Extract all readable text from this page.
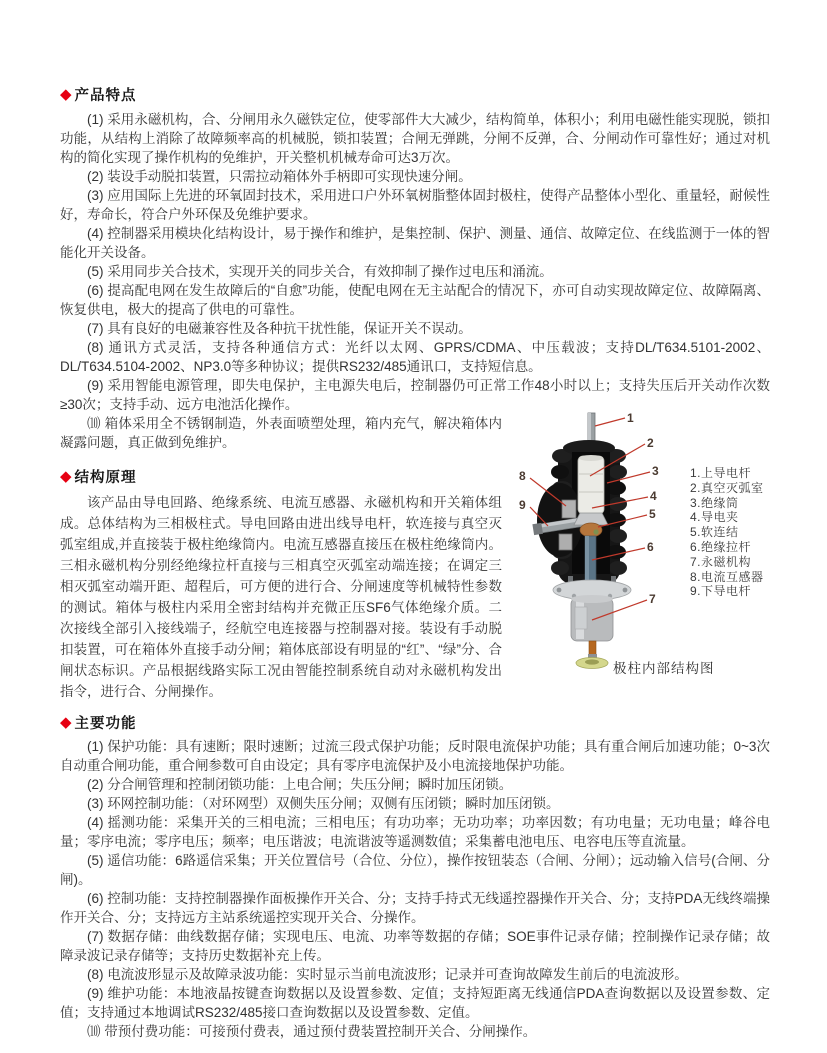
◆ 产品特点

(1) 采用永磁机构，合、分闸用永久磁铁定位，使零部件大大减少，结构简单，体积小；利用电磁性能实现脱，锁扣功能，从结构上消除了故障频率高的机械脱，锁扣装置；合闸无弹跳，分闸不反弹，合、分闸动作可靠性好；通过对机构的简化实现了操作机构的免维护，开关整机机械寿命可达3万次。

(2) 装设手动脱扣装置，只需拉动箱体外手柄即可实现快速分闸。

(3) 应用国际上先进的环氧固封技术，采用进口户外环氧树脂整体固封极柱，使得产品整体小型化、重量轻，耐候性好，寿命长，符合户外环保及免维护要求。

(4) 控制器采用模块化结构设计，易于操作和维护，是集控制、保护、测量、通信、故障定位、在线监测于一体的智能化开关设备。

(5) 采用同步关合技术，实现开关的同步关合，有效抑制了操作过电压和涌流。

(6) 提高配电网在发生故障后的“自愈”功能，使配电网在无主站配合的情况下，亦可自动实现故障定位、故障隔离、恢复供电，极大的提高了供电的可靠性。

(7) 具有良好的电磁兼容性及各种抗干扰性能，保证开关不误动。

(8) 通讯方式灵活，支持各种通信方式：光纤以太网、GPRS/CDMA、中压载波；支持DL/T634.5101-2002、DL/T634.5104-2002、NP3.0等多种协议；提供RS232/485通讯口，支持短信息。

(9) 采用智能电源管理，即失电保护，主电源失电后，控制器仍可正常工作48小时以上；支持失压后开关动作次数≥30次；支持手动、远方电池活化操作。

1
2
3
4
5
6
7
8
9
1.上导电杆
2.真空灭弧室
3.绝缘筒
4.导电夹
5.软连结
6.绝缘拉杆
7.永磁机构
8.电流互感器
9.下导电杆
极柱内部结构图

⑽ 箱体采用全不锈钢制造，外表面喷塑处理，箱内充气，解决箱体内凝露问题，真正做到免维护。

◆ 结构原理

该产品由导电回路、绝缘系统、电流互感器、永磁机构和开关箱体组成。总体结构为三相极柱式。导电回路由进出线导电杆，软连接与真空灭弧室组成,并直接装于极柱绝缘筒内。电流互感器直接压在极柱绝缘筒内。三相永磁机构分别经绝缘拉杆直接与三相真空灭弧室动端连接；在调定三相灭弧室动端开距、超程后，可方便的进行合、分闸速度等机械特性参数的测试。箱体与极柱内采用全密封结构并充微正压SF6气体绝缘介质。二次接线全部引入接线端子，经航空电连接器与控制器对接。装设有手动脱扣装置，可在箱体外直接手动分闸；箱体底部设有明显的“红”、“绿”分、合闸状态标识。产品根据线路实际工况由智能控制系统自动对永磁机构发出指令，进行合、分闸操作。

◆ 主要功能

(1) 保护功能：具有速断；限时速断；过流三段式保护功能；反时限电流保护功能；具有重合闸后加速功能；0~3次自动重合闸功能，重合闸参数可自由设定；具有零序电流保护及小电流接地保护功能。

(2) 分合闸管理和控制闭锁功能：上电合闸；失压分闸；瞬时加压闭锁。

(3) 环网控制功能：（对环网型）双侧失压分闸；双侧有压闭锁；瞬时加压闭锁。

(4) 摇测功能：采集开关的三相电流；三相电压；有功功率；无功功率；功率因数；有功电量；无功电量；峰谷电量；零序电流；零序电压；频率；电压谐波；电流谐波等遥测数值；采集蓄电池电压、电容电压等直流量。

(5) 遥信功能：6路遥信采集；开关位置信号（合位、分位），操作按钮装态（合闸、分闸）；远动输入信号(合闸、分闸)。

(6) 控制功能：支持控制器操作面板操作开关合、分；支持手持式无线遥控器操作开关合、分；支持PDA无线终端操作开关合、分；支持远方主站系统遥控实现开关合、分操作。

(7) 数据存储：曲线数据存储；实现电压、电流、功率等数据的存储；SOE事件记录存储；控制操作记录存储；故障录波记录存储等；支持历史数据补充上传。

(8) 电流波形显示及故障录波功能：实时显示当前电流波形；记录并可查询故障发生前后的电流波形。

(9) 维护功能：本地液晶按键查询数据以及设置参数、定值；支持短距离无线通信PDA查询数据以及设置参数、定值；支持通过本地调试RS232/485接口查询数据以及设置参数、定值。

⑽ 带预付费功能：可接预付费表，通过预付费装置控制开关合、分闸操作。
